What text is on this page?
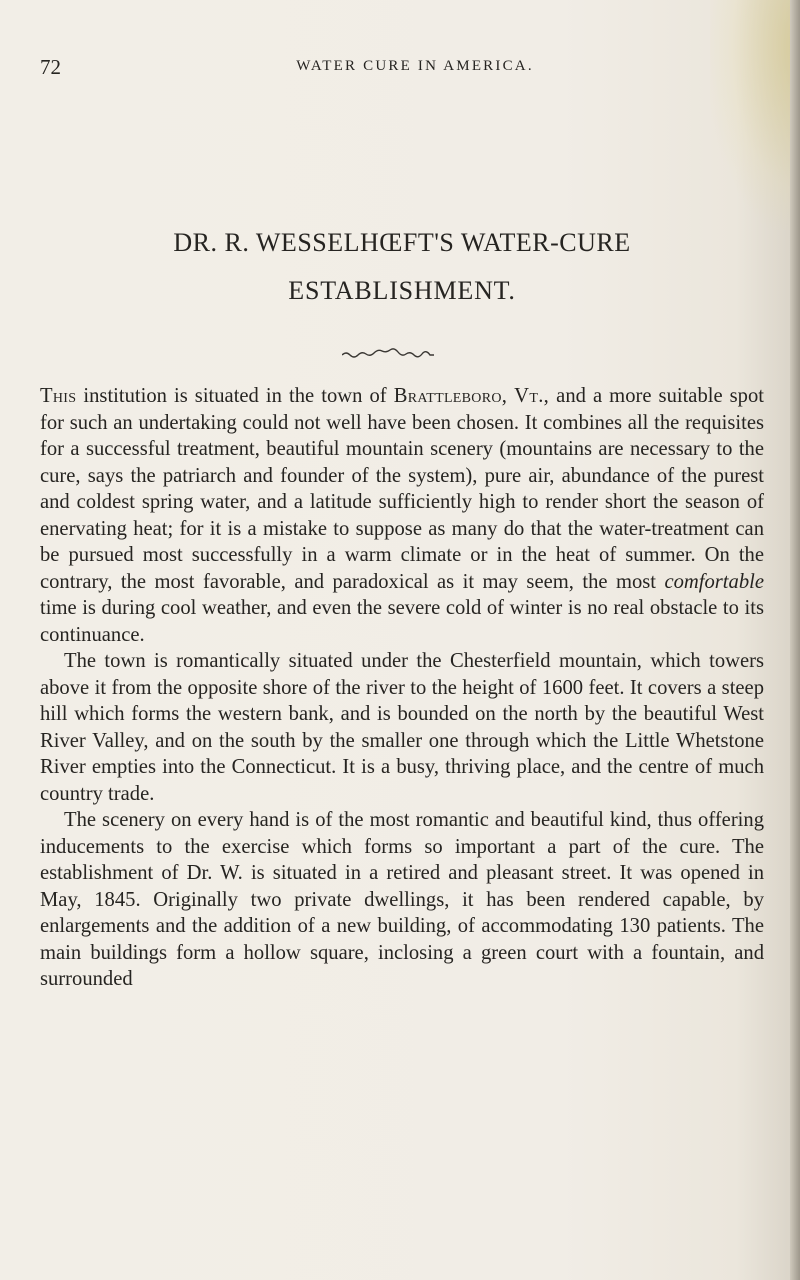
72	WATER CURE IN AMERICA.
DR. R. WESSELHŒFT'S WATER-CURE
ESTABLISHMENT.

This institution is situated in the town of Brattleboro, Vt., and a more suitable spot for such an undertaking could not well have been chosen. It combines all the requisites for a successful treatment, beautiful mountain scenery (mountains are necessary to the cure, says the patriarch and founder of the system), pure air, abundance of the purest and coldest spring water, and a latitude sufficiently high to render short the season of enervating heat; for it is a mistake to suppose as many do that the water-treatment can be pursued most successfully in a warm climate or in the heat of summer. On the contrary, the most favorable, and paradoxical as it may seem, the most comfortable time is during cool weather, and even the severe cold of winter is no real obstacle to its continuance.

The town is romantically situated under the Chesterfield mountain, which towers above it from the opposite shore of the river to the height of 1600 feet. It covers a steep hill which forms the western bank, and is bounded on the north by the beautiful West River Valley, and on the south by the smaller one through which the Little Whetstone River empties into the Connecticut. It is a busy, thriving place, and the centre of much country trade.

The scenery on every hand is of the most romantic and beautiful kind, thus offering inducements to the exercise which forms so important a part of the cure. The establishment of Dr. W. is situated in a retired and pleasant street. It was opened in May, 1845. Originally two private dwellings, it has been rendered capable, by enlargements and the addition of a new building, of accommodating 130 patients. The main buildings form a hollow square, inclosing a green court with a fountain, and surrounded
